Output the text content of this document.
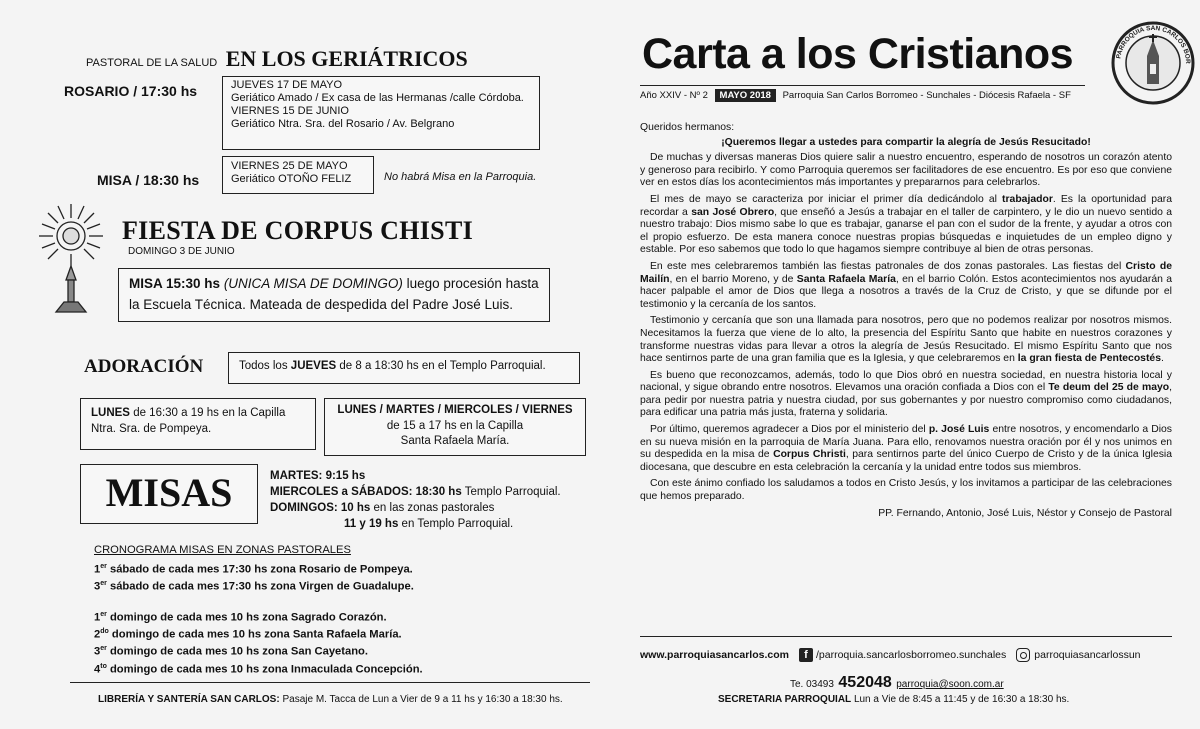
PASTORAL DE LA SALUD EN LOS GERIÁTRICOS
ROSARIO / 17:30 hs	JUEVES 17 DE MAYO
Geriático Amado / Ex casa de las Hermanas /calle Córdoba.
VIERNES 15 DE JUNIO
Geriático Ntra. Sra. del Rosario / Av. Belgrano
MISA / 18:30 hs
VIERNES 25 DE MAYO
Geriático OTOÑO FELIZ	No habrá Misa en la Parroquia.
FIESTA DE CORPUS CHISTI
DOMINGO 3 DE JUNIO
MISA 15:30 hs (UNICA MISA DE DOMINGO) luego procesión hasta la Escuela Técnica. Mateada de despedida del Padre José Luis.
ADORACIÓN	Todos los JUEVES de 8 a 18:30 hs en el Templo Parroquial.
LUNES de 16:30 a 19 hs en la Capilla
Ntra. Sra. de Pompeya.
LUNES / MARTES / MIERCOLES / VIERNES
de 15 a 17 hs en la Capilla
Santa Rafaela María.
MISAS	MARTES: 9:15 hs
MIERCOLES a SÁBADOS: 18:30 hs Templo Parroquial.
DOMINGOS: 10 hs en las zonas pastorales
11 y 19 hs en Templo Parroquial.

CRONOGRAMA MISAS EN ZONAS PASTORALES

1er sábado de cada mes 17:30 hs zona Rosario de Pompeya.

3er sábado de cada mes 17:30 hs zona Virgen de Guadalupe.

1er domingo de cada mes 10 hs zona Sagrado Corazón.

$2^{do}$ domingo de cada mes 10 hs zona Santa Rafaela María.

3er domingo de cada mes 10 hs zona San Cayetano.

$4^{to}$ domingo de cada mes 10 hs zona Inmaculada Concepción.

LIBRERÍA Y SANTERÍA SAN CARLOS: Pasaje M. Tacca de Lun a Vier de 9 a 11 hs y 16:30 a 18:30 hs.
Carta a los Cristianos	PARROQUIA SAN CARLOS BOR
Año XXIV - Nº 2 MAYO 2018 Parroquia San Carlos Borromeo - Sunchales - Diócesis Rafaela - SF

Queridos hermanos:

¡Queremos llegar a ustedes para compartir la alegría de Jesús Resucitado!

De muchas y diversas maneras Dios quiere salir a nuestro encuentro, esperando de nosotros un corazón atento y generoso para recibirlo. Y como Parroquia queremos ser facilitadores de ese encuentro. Es por eso que conviene ver en estos días los acontecimientos más importantes y prepararnos para celebrarlos.

El mes de mayo se caracteriza por iniciar el primer día dedicándolo al trabajador. Es la oportunidad para recordar a san José Obrero, que enseñó a Jesús a trabajar en el taller de carpintero, y le dio un nuevo sentido a nuestro trabajo: Dios mismo sabe lo que es trabajar, ganarse el pan con el sudor de la frente, y ayudar a otros con el propio esfuerzo. De esta manera conoce nuestras propias búsquedas e inquietudes de un empleo digno y estable. Por eso sabemos que todo lo que hagamos siempre contribuye al bien de otras personas.

En este mes celebraremos también las fiestas patronales de dos zonas pastorales. Las fiestas del Cristo de Mailín, en el barrio Moreno, y de Santa Rafaela María, en el barrio Colón. Estos acontecimientos nos ayudarán a hacer palpable el amor de Dios que llega a nosotros a través de la Cruz de Cristo, y que se difunde por el testimonio y la cercanía de los santos.

Testimonio y cercanía que son una llamada para nosotros, pero que no podemos realizar por nosotros mismos. Necesitamos la fuerza que viene de lo alto, la presencia del Espíritu Santo que habite en nuestros corazones y transforme nuestras vidas para llevar a otros la alegría de Jesús Resucitado. El mismo Espíritu Santo que nos hace sentirnos parte de una gran familia que es la Iglesia, y que celebraremos en la gran fiesta de Pentecostés.

Es bueno que reconozcamos, además, todo lo que Dios obró en nuestra sociedad, en nuestra historia local y nacional, y sigue obrando entre nosotros. Elevamos una oración confiada a Dios con el Te deum del 25 de mayo, para pedir por nuestra patria y nuestra ciudad, por sus gobernantes y por nuestro compromiso como ciudadanos, para edificar una patria más justa, fraterna y solidaria.

Por último, queremos agradecer a Dios por el ministerio del p. José Luis entre nosotros, y encomendarlo a Dios en su nueva misión en la parroquia de María Juana. Para ello, renovamos nuestra oración por él y nos unimos en su despedida en la misa de Corpus Christi, para sentirnos parte del único Cuerpo de Cristo y de la única Iglesia diocesana, que descubre en esta celebración la cercanía y la unidad entre todos sus miembros.

Con este ánimo confiado los saludamos a todos en Cristo Jesús, y los invitamos a participar de las celebraciones que hemos preparado.

PP. Fernando, Antonio, José Luis, Néstor y Consejo de Pastoral

www.parroquiasancarlos.com	f /parroquia.sancarlosborromeo.sunchales	parroquiasancarlossun
Te. 03493 452048 parroquia@soon.com.ar
SECRETARIA PARROQUIAL Lun a Vie de 8:45 a 11:45 y de 16:30 a 18:30 hs.
